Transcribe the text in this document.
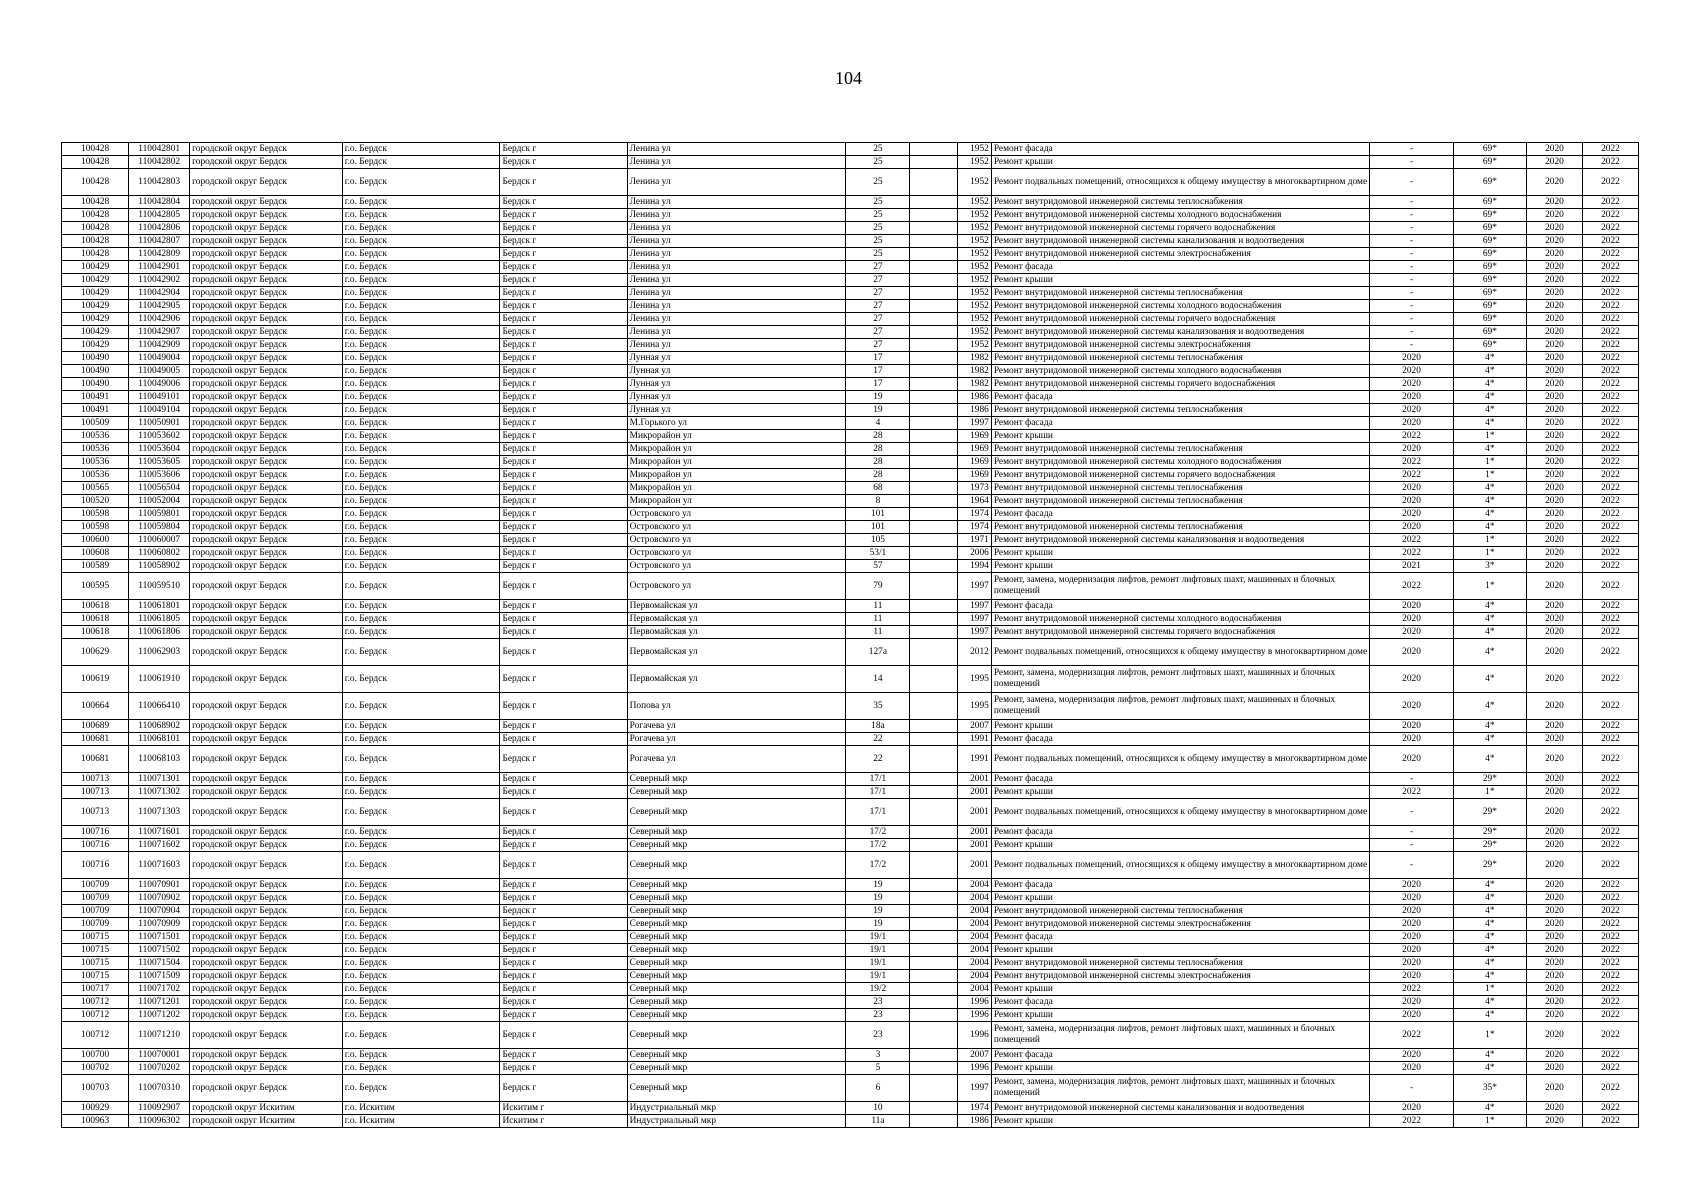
104
100428	110042801	городской округ Бердск	г.о. Бердск	Бердск г	Ленина ул	25		1952	Ремонт фасада	-	69*	2020	2022
100428	110042802	городской округ Бердск	г.о. Бердск	Бердск г	Ленина ул	25		1952	Ремонт крыши	-	69*	2020	2022
100428	110042803	городской округ Бердск	г.о. Бердск	Бердск г	Ленина ул	25		1952	Ремонт подвальных помещений, относящихся к общему имуществу в многоквартирном доме	-	69*	2020	2022
100428	110042804	городской округ Бердск	г.о. Бердск	Бердск г	Ленина ул	25		1952	Ремонт внутридомовой инженерной системы теплоснабжения	-	69*	2020	2022
100428	110042805	городской округ Бердск	г.о. Бердск	Бердск г	Ленина ул	25		1952	Ремонт внутридомовой инженерной системы холодного водоснабжения	-	69*	2020	2022
100428	110042806	городской округ Бердск	г.о. Бердск	Бердск г	Ленина ул	25		1952	Ремонт внутридомовой инженерной системы горячего водоснабжения	-	69*	2020	2022
100428	110042807	городской округ Бердск	г.о. Бердск	Бердск г	Ленина ул	25		1952	Ремонт внутридомовой инженерной системы канализования и водоотведения	-	69*	2020	2022
100428	110042809	городской округ Бердск	г.о. Бердск	Бердск г	Ленина ул	25		1952	Ремонт внутридомовой инженерной системы электроснабжения	-	69*	2020	2022
100429	110042901	городской округ Бердск	г.о. Бердск	Бердск г	Ленина ул	27		1952	Ремонт фасада	-	69*	2020	2022
100429	110042902	городской округ Бердск	г.о. Бердск	Бердск г	Ленина ул	27		1952	Ремонт крыши	-	69*	2020	2022
100429	110042904	городской округ Бердск	г.о. Бердск	Бердск г	Ленина ул	27		1952	Ремонт внутридомовой инженерной системы теплоснабжения	-	69*	2020	2022
100429	110042905	городской округ Бердск	г.о. Бердск	Бердск г	Ленина ул	27		1952	Ремонт внутридомовой инженерной системы холодного водоснабжения	-	69*	2020	2022
100429	110042906	городской округ Бердск	г.о. Бердск	Бердск г	Ленина ул	27		1952	Ремонт внутридомовой инженерной системы горячего водоснабжения	-	69*	2020	2022
100429	110042907	городской округ Бердск	г.о. Бердск	Бердск г	Ленина ул	27		1952	Ремонт внутридомовой инженерной системы канализования и водоотведения	-	69*	2020	2022
100429	110042909	городской округ Бердск	г.о. Бердск	Бердск г	Ленина ул	27		1952	Ремонт внутридомовой инженерной системы электроснабжения	-	69*	2020	2022
100490	110049004	городской округ Бердск	г.о. Бердск	Бердск г	Лунная ул	17		1982	Ремонт внутридомовой инженерной системы теплоснабжения	2020	4*	2020	2022
100490	110049005	городской округ Бердск	г.о. Бердск	Бердск г	Лунная ул	17		1982	Ремонт внутридомовой инженерной системы холодного водоснабжения	2020	4*	2020	2022
100490	110049006	городской округ Бердск	г.о. Бердск	Бердск г	Лунная ул	17		1982	Ремонт внутридомовой инженерной системы горячего водоснабжения	2020	4*	2020	2022
100491	110049101	городской округ Бердск	г.о. Бердск	Бердск г	Лунная ул	19		1986	Ремонт фасада	2020	4*	2020	2022
100491	110049104	городской округ Бердск	г.о. Бердск	Бердск г	Лунная ул	19		1986	Ремонт внутридомовой инженерной системы теплоснабжения	2020	4*	2020	2022
100509	110050901	городской округ Бердск	г.о. Бердск	Бердск г	М.Горького ул	4		1997	Ремонт фасада	2020	4*	2020	2022
100536	110053602	городской округ Бердск	г.о. Бердск	Бердск г	Микрорайон ул	28		1969	Ремонт крыши	2022	1*	2020	2022
100536	110053604	городской округ Бердск	г.о. Бердск	Бердск г	Микрорайон ул	28		1969	Ремонт внутридомовой инженерной системы теплоснабжения	2020	4*	2020	2022
100536	110053605	городской округ Бердск	г.о. Бердск	Бердск г	Микрорайон ул	28		1969	Ремонт внутридомовой инженерной системы холодного водоснабжения	2022	1*	2020	2022
100536	110053606	городской округ Бердск	г.о. Бердск	Бердск г	Микрорайон ул	28		1969	Ремонт внутридомовой инженерной системы горячего водоснабжения	2022	1*	2020	2022
100565	110056504	городской округ Бердск	г.о. Бердск	Бердск г	Микрорайон ул	68		1973	Ремонт внутридомовой инженерной системы теплоснабжения	2020	4*	2020	2022
100520	110052004	городской округ Бердск	г.о. Бердск	Бердск г	Микрорайон ул	8		1964	Ремонт внутридомовой инженерной системы теплоснабжения	2020	4*	2020	2022
100598	110059801	городской округ Бердск	г.о. Бердск	Бердск г	Островского ул	101		1974	Ремонт фасада	2020	4*	2020	2022
100598	110059804	городской округ Бердск	г.о. Бердск	Бердск г	Островского ул	101		1974	Ремонт внутридомовой инженерной системы теплоснабжения	2020	4*	2020	2022
100600	110060007	городской округ Бердск	г.о. Бердск	Бердск г	Островского ул	105		1971	Ремонт внутридомовой инженерной системы канализования и водоотведения	2022	1*	2020	2022
100608	110060802	городской округ Бердск	г.о. Бердск	Бердск г	Островского ул	53/1		2006	Ремонт крыши	2022	1*	2020	2022
100589	110058902	городской округ Бердск	г.о. Бердск	Бердск г	Островского ул	57		1994	Ремонт крыши	2021	3*	2020	2022
100595	110059510	городской округ Бердск	г.о. Бердск	Бердск г	Островского ул	79		1997	Ремонт, замена, модернизация лифтов, ремонт лифтовых шахт, машинных и блочных помещений	2022	1*	2020	2022
100618	110061801	городской округ Бердск	г.о. Бердск	Бердск г	Первомайская ул	11		1997	Ремонт фасада	2020	4*	2020	2022
100618	110061805	городской округ Бердск	г.о. Бердск	Бердск г	Первомайская ул	11		1997	Ремонт внутридомовой инженерной системы холодного водоснабжения	2020	4*	2020	2022
100618	110061806	городской округ Бердск	г.о. Бердск	Бердск г	Первомайская ул	11		1997	Ремонт внутридомовой инженерной системы горячего водоснабжения	2020	4*	2020	2022
100629	110062903	городской округ Бердск	г.о. Бердск	Бердск г	Первомайская ул	127а		2012	Ремонт подвальных помещений, относящихся к общему имуществу в многоквартирном доме	2020	4*	2020	2022
100619	110061910	городской округ Бердск	г.о. Бердск	Бердск г	Первомайская ул	14		1995	Ремонт, замена, модернизация лифтов, ремонт лифтовых шахт, машинных и блочных помещений	2020	4*	2020	2022
100664	110066410	городской округ Бердск	г.о. Бердск	Бердск г	Попова ул	35		1995	Ремонт, замена, модернизация лифтов, ремонт лифтовых шахт, машинных и блочных помещений	2020	4*	2020	2022
100689	110068902	городской округ Бердск	г.о. Бердск	Бердск г	Рогачева ул	18а		2007	Ремонт крыши	2020	4*	2020	2022
100681	110068101	городской округ Бердск	г.о. Бердск	Бердск г	Рогачева ул	22		1991	Ремонт фасада	2020	4*	2020	2022
100681	110068103	городской округ Бердск	г.о. Бердск	Бердск г	Рогачева ул	22		1991	Ремонт подвальных помещений, относящихся к общему имуществу в многоквартирном доме	2020	4*	2020	2022
100713	110071301	городской округ Бердск	г.о. Бердск	Бердск г	Северный мкр	17/1		2001	Ремонт фасада	-	29*	2020	2022
100713	110071302	городской округ Бердск	г.о. Бердск	Бердск г	Северный мкр	17/1		2001	Ремонт крыши	2022	1*	2020	2022
100713	110071303	городской округ Бердск	г.о. Бердск	Бердск г	Северный мкр	17/1		2001	Ремонт подвальных помещений, относящихся к общему имуществу в многоквартирном доме	-	29*	2020	2022
100716	110071601	городской округ Бердск	г.о. Бердск	Бердск г	Северный мкр	17/2		2001	Ремонт фасада	-	29*	2020	2022
100716	110071602	городской округ Бердск	г.о. Бердск	Бердск г	Северный мкр	17/2		2001	Ремонт крыши	-	29*	2020	2022
100716	110071603	городской округ Бердск	г.о. Бердск	Бердск г	Северный мкр	17/2		2001	Ремонт подвальных помещений, относящихся к общему имуществу в многоквартирном доме	-	29*	2020	2022
100709	110070901	городской округ Бердск	г.о. Бердск	Бердск г	Северный мкр	19		2004	Ремонт фасада	2020	4*	2020	2022
100709	110070902	городской округ Бердск	г.о. Бердск	Бердск г	Северный мкр	19		2004	Ремонт крыши	2020	4*	2020	2022
100709	110070904	городской округ Бердск	г.о. Бердск	Бердск г	Северный мкр	19		2004	Ремонт внутридомовой инженерной системы теплоснабжения	2020	4*	2020	2022
100709	110070909	городской округ Бердск	г.о. Бердск	Бердск г	Северный мкр	19		2004	Ремонт внутридомовой инженерной системы электроснабжения	2020	4*	2020	2022
100715	110071501	городской округ Бердск	г.о. Бердск	Бердск г	Северный мкр	19/1		2004	Ремонт фасада	2020	4*	2020	2022
100715	110071502	городской округ Бердск	г.о. Бердск	Бердск г	Северный мкр	19/1		2004	Ремонт крыши	2020	4*	2020	2022
100715	110071504	городской округ Бердск	г.о. Бердск	Бердск г	Северный мкр	19/1		2004	Ремонт внутридомовой инженерной системы теплоснабжения	2020	4*	2020	2022
100715	110071509	городской округ Бердск	г.о. Бердск	Бердск г	Северный мкр	19/1		2004	Ремонт внутридомовой инженерной системы электроснабжения	2020	4*	2020	2022
100717	110071702	городской округ Бердск	г.о. Бердск	Бердск г	Северный мкр	19/2		2004	Ремонт крыши	2022	1*	2020	2022
100712	110071201	городской округ Бердск	г.о. Бердск	Бердск г	Северный мкр	23		1996	Ремонт фасада	2020	4*	2020	2022
100712	110071202	городской округ Бердск	г.о. Бердск	Бердск г	Северный мкр	23		1996	Ремонт крыши	2020	4*	2020	2022
100712	110071210	городской округ Бердск	г.о. Бердск	Бердск г	Северный мкр	23		1996	Ремонт, замена, модернизация лифтов, ремонт лифтовых шахт, машинных и блочных помещений	2022	1*	2020	2022
100700	110070001	городской округ Бердск	г.о. Бердск	Бердск г	Северный мкр	3		2007	Ремонт фасада	2020	4*	2020	2022
100702	110070202	городской округ Бердск	г.о. Бердск	Бердск г	Северный мкр	5		1996	Ремонт крыши	2020	4*	2020	2022
100703	110070310	городской округ Бердск	г.о. Бердск	Бердск г	Северный мкр	6		1997	Ремонт, замена, модернизация лифтов, ремонт лифтовых шахт, машинных и блочных помещений	-	35*	2020	2022
100929	110092907	городской округ Искитим	г.о. Искитим	Искитим г	Индустриальный мкр	10		1974	Ремонт внутридомовой инженерной системы канализования и водоотведения	2020	4*	2020	2022
100963	110096302	городской округ Искитим	г.о. Искитим	Искитим г	Индустриальный мкр	11а		1986	Ремонт крыши	2022	1*	2020	2022
